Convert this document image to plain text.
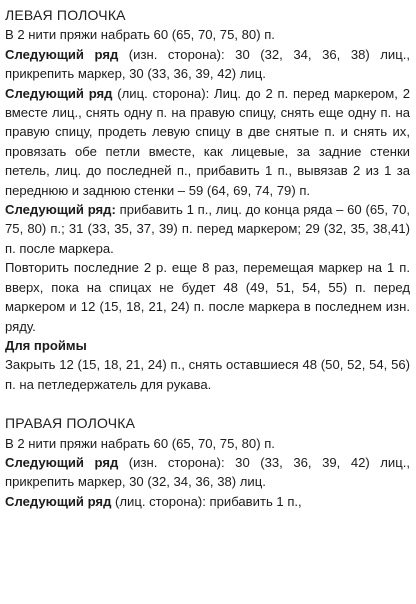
ЛЕВАЯ ПОЛОЧКА

В 2 нити пряжи набрать 60 (65, 70, 75, 80) п.

Следующий ряд (изн. сторона): 30 (32, 34, 36, 38) лиц., прикрепить маркер, 30 (33, 36, 39, 42) лиц.

Следующий ряд (лиц. сторона): Лиц. до 2 п. перед маркером, 2 вместе лиц., снять одну п. на правую спицу, снять еще одну п. на правую спицу, продеть левую спицу в две снятые п. и снять их, провязать обе петли вместе, как лицевые, за задние стенки петель, лиц. до последней п., прибавить 1 п., вывязав 2 из 1 за переднюю и заднюю стенки – 59 (64, 69, 74, 79) п.

Следующий ряд: прибавить 1 п., лиц. до конца ряда – 60 (65, 70, 75, 80) п.; 31 (33, 35, 37, 39) п. перед маркером; 29 (32, 35, 38,41) п. после маркера.

Повторить последние 2 р. еще 8 раз, перемещая маркер на 1 п. вверх, пока на спицах не будет 48 (49, 51, 54, 55) п. перед маркером и 12 (15, 18, 21, 24) п. после маркера в последнем изн. ряду.

Для проймы

Закрыть 12 (15, 18, 21, 24) п., снять оставшиеся 48 (50, 52, 54, 56) п. на петледержатель для рукава.

ПРАВАЯ ПОЛОЧКА

В 2 нити пряжи набрать 60 (65, 70, 75, 80) п.

Следующий ряд (изн. сторона): 30 (33, 36, 39, 42) лиц., прикрепить маркер, 30 (32, 34, 36, 38) лиц.

Следующий ряд (лиц. сторона): прибавить 1 п.,
